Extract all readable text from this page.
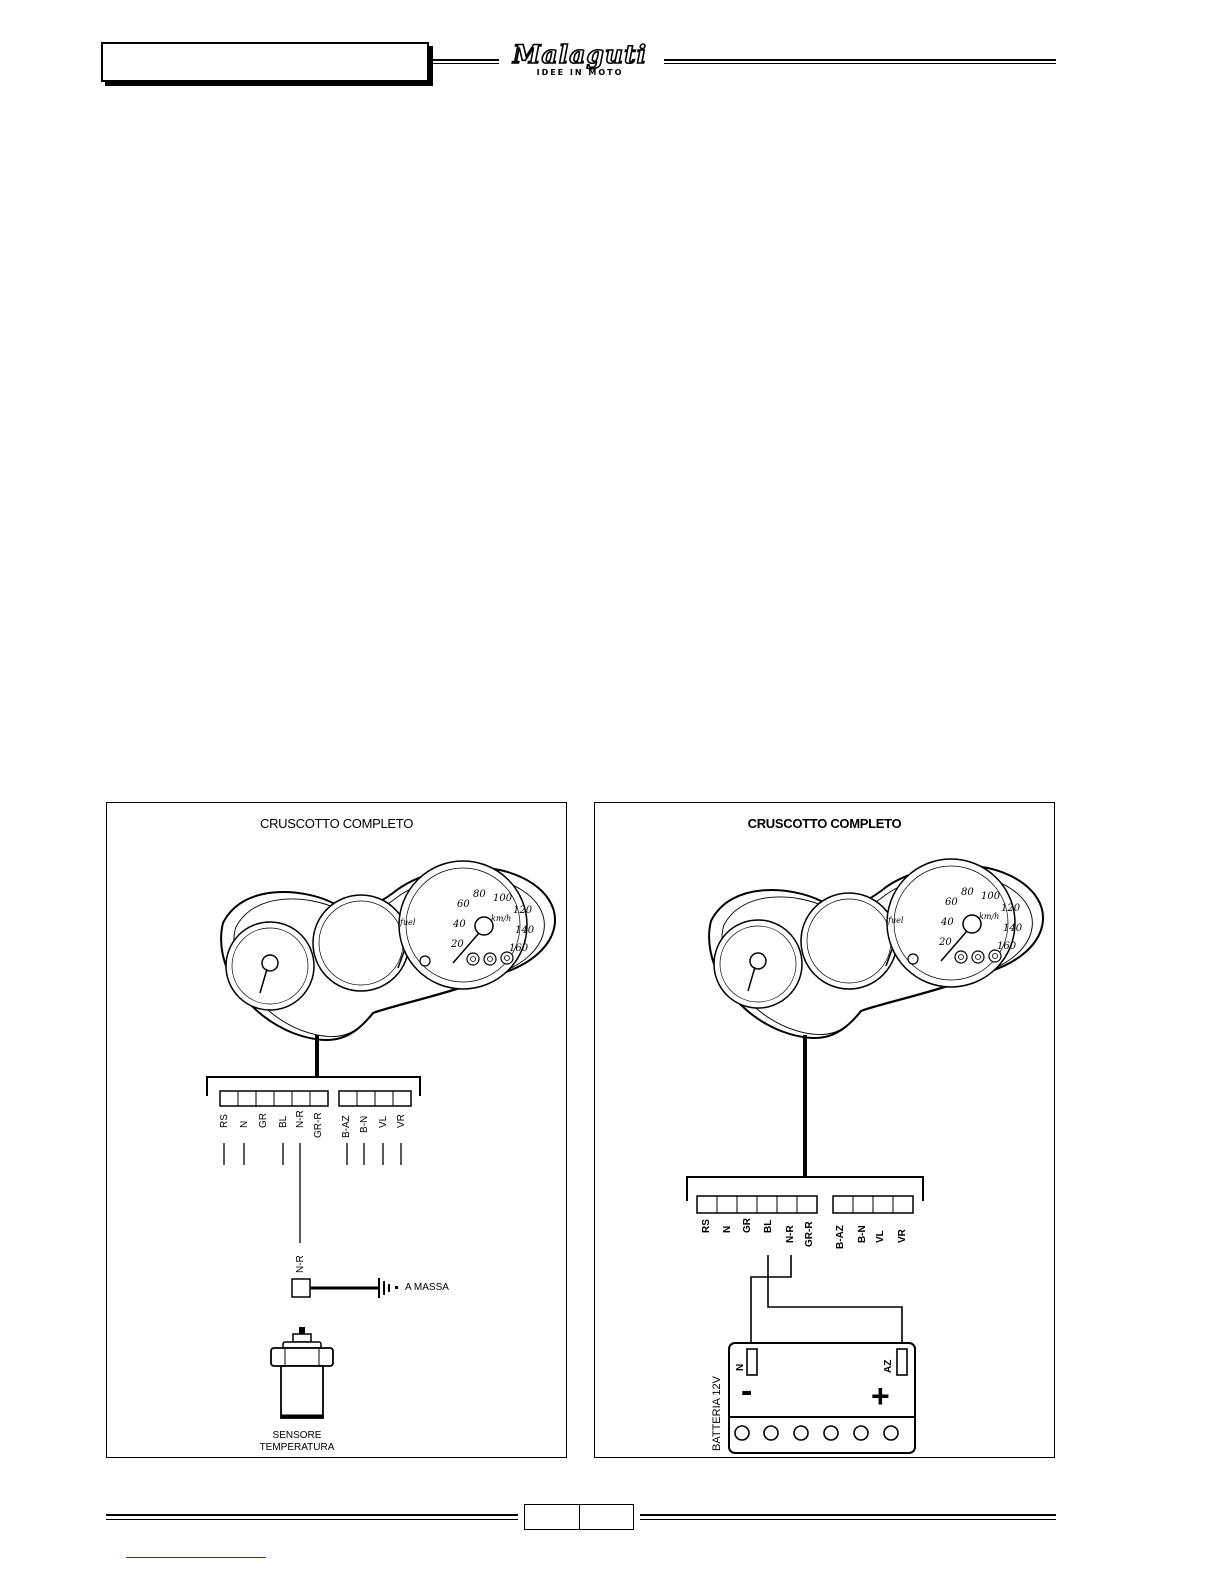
Malaguti
IDEE IN MOTO
20
40
60
80 100
120
140
160
km/h
fuel
CRUSCOTTO COMPLETO
RS N GR BL N-R GR-R B-AZ B-N VL VR
N-R
A MASSA
SENSORE
TEMPERATURA
20
40
60
80 100
120
140
160
km/h
fuel
CRUSCOTTO COMPLETO
RS N GR BL N-R GR-R B-AZ B-N VL VR
N	AZ
BATTERIA 12V -	+
